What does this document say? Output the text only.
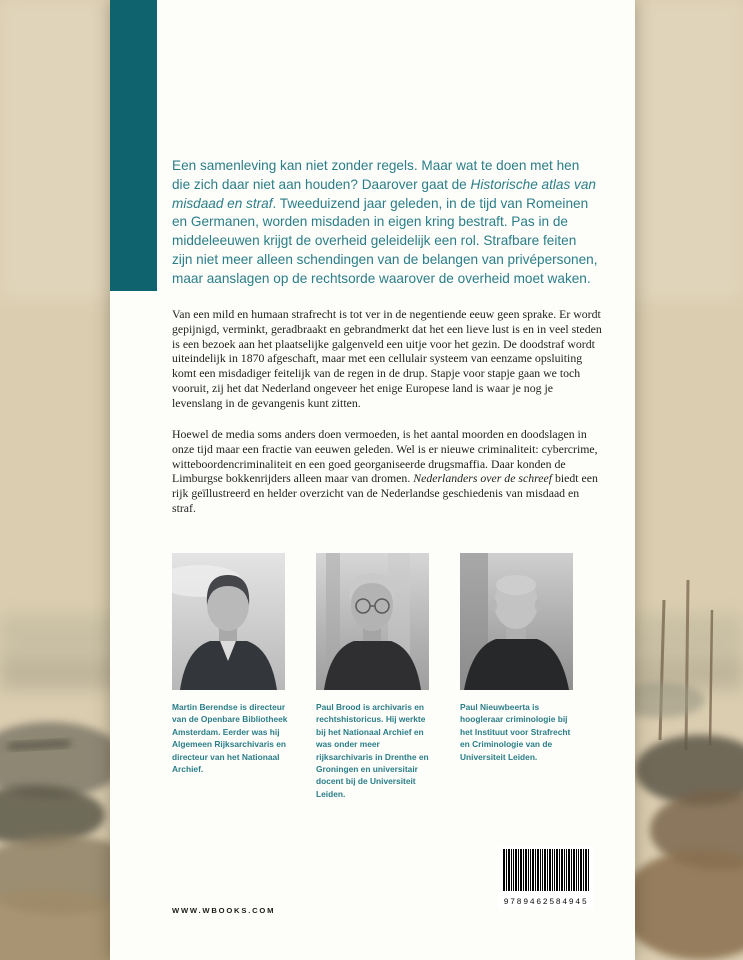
Een samenleving kan niet zonder regels. Maar wat te doen met hen die zich daar niet aan houden? Daarover gaat de Historische atlas van misdaad en straf. Tweeduizend jaar geleden, in de tijd van Romeinen en Germanen, worden misdaden in eigen kring bestraft. Pas in de middeleeuwen krijgt de overheid geleidelijk een rol. Strafbare feiten zijn niet meer alleen schendingen van de belangen van privépersonen, maar aanslagen op de rechtsorde waarover de overheid moet waken.

Van een mild en humaan strafrecht is tot ver in de negentiende eeuw geen sprake. Er wordt gepijnigd, verminkt, geradbraakt en gebrandmerkt dat het een lieve lust is en in veel steden is een bezoek aan het plaatselijke galgenveld een uitje voor het gezin. De doodstraf wordt uiteindelijk in 1870 afgeschaft, maar met een cellulair systeem van eenzame opsluiting komt een misdadiger feitelijk van de regen in de drup. Stapje voor stapje gaan we toch vooruit, zij het dat Nederland ongeveer het enige Europese land is waar je nog je levenslang in de gevangenis kunt zitten.

Hoewel de media soms anders doen vermoeden, is het aantal moorden en doodslagen in onze tijd maar een fractie van eeuwen geleden. Wel is er nieuwe criminaliteit: cybercrime, witteboordencriminaliteit en een goed georganiseerde drugsmaffia. Daar konden de Limburgse bokkenrijders alleen maar van dromen. Nederlanders over de schreef biedt een rijk geïllustreerd en helder overzicht van de Nederlandse geschiedenis van misdaad en straf.

Martin Berendse is directeur van de Openbare Bibliotheek Amsterdam. Eerder was hij Algemeen Rijksarchivaris en directeur van het Nationaal Archief.
Paul Brood is archivaris en rechtshistoricus. Hij werkte bij het Nationaal Archief en was onder meer rijksarchivaris in Drenthe en Groningen en universitair docent bij de Universiteit Leiden.
Paul Nieuwbeerta is hoogleraar criminologie bij het Instituut voor Strafrecht en Criminologie van de Universiteit Leiden.
WWW.WBOOKS.COM
9789462584945
